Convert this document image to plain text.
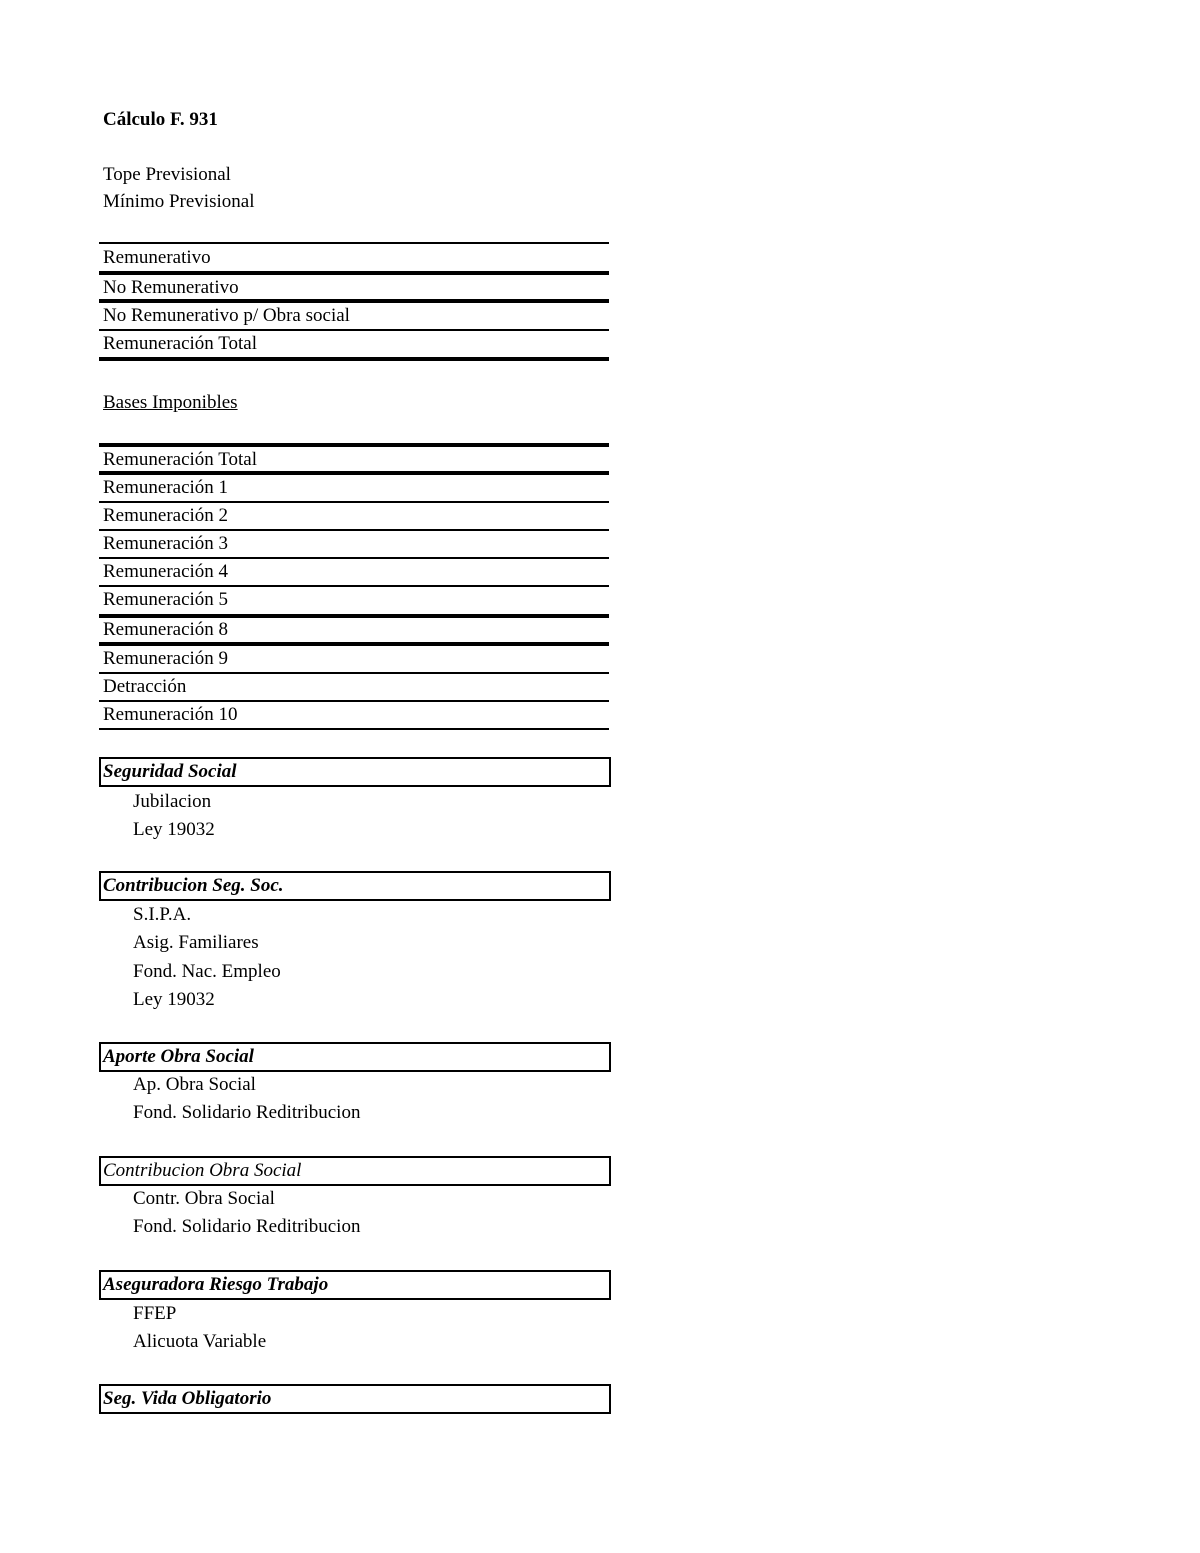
Cálculo F. 931
Tope Previsional
Mínimo Previsional
Remunerativo
No Remunerativo
No Remunerativo p/ Obra social
Remuneración Total
Bases Imponibles
Remuneración Total
Remuneración 1
Remuneración 2
Remuneración 3
Remuneración 4
Remuneración 5
Remuneración 8
Remuneración 9
Detracción
Remuneración 10
Seguridad Social
Jubilacion
Ley 19032
Contribucion Seg. Soc.
S.I.P.A.
Asig. Familiares
Fond. Nac. Empleo
Ley 19032
Aporte Obra Social
Ap. Obra Social
Fond. Solidario Reditribucion
Contribucion Obra Social
Contr. Obra Social
Fond. Solidario Reditribucion
Aseguradora Riesgo Trabajo
FFEP
Alicuota Variable
Seg. Vida Obligatorio
